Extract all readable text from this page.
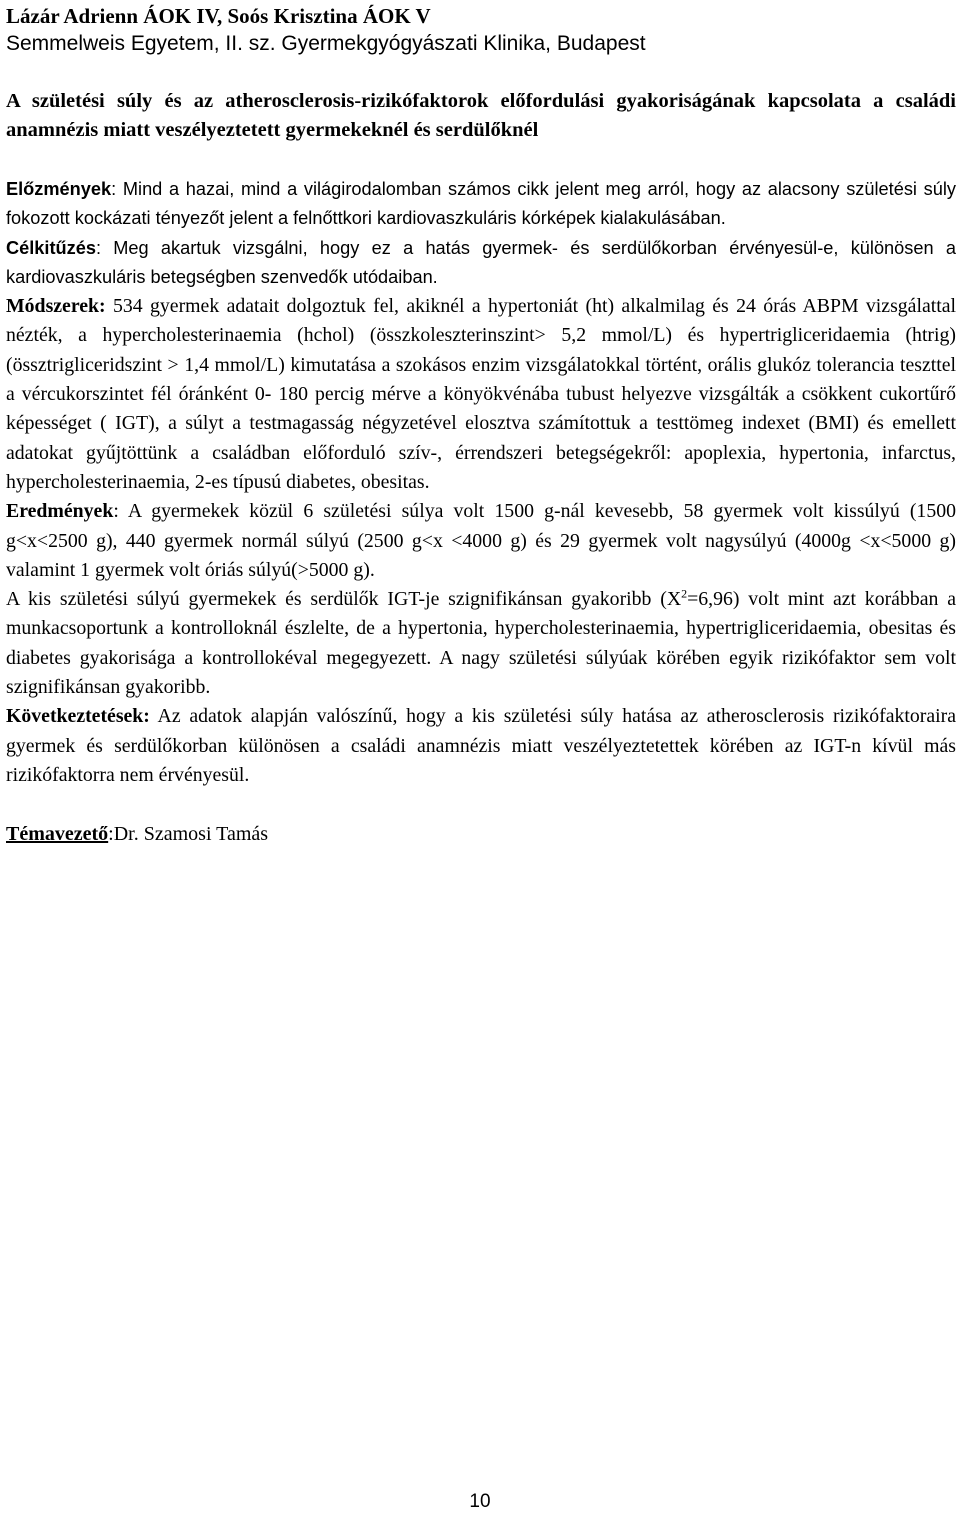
Lázár Adrienn ÁOK IV, Soós Krisztina ÁOK V

Semmelweis Egyetem, II. sz. Gyermekgyógyászati Klinika, Budapest

A születési súly és az atherosclerosis-rizikófaktorok előfordulási gyakoriságának kapcsolata a családi anamnézis miatt veszélyeztetett gyermekeknél és serdülőknél

Előzmények: Mind a hazai, mind a világirodalomban számos cikk jelent meg arról, hogy az alacsony születési súly fokozott kockázati tényezőt jelent a felnőttkori kardiovaszkuláris kórképek kialakulásában.

Célkitűzés: Meg akartuk vizsgálni, hogy ez a hatás gyermek- és serdülőkorban érvényesül-e, különösen a kardiovaszkuláris betegségben szenvedők utódaiban.

Módszerek: 534 gyermek adatait dolgoztuk fel, akiknél a hypertoniát (ht) alkalmilag és 24 órás ABPM vizsgálattal nézték, a hypercholesterinaemia (hchol) (összkoleszterinszint> 5,2 mmol/L) és hypertrigliceridaemia (htrig) (össztrigliceridszint > 1,4 mmol/L) kimutatása a szokásos enzim vizsgálatokkal történt, orális glukóz tolerancia teszttel a vércukorszintet fél óránként 0- 180 percig mérve a könyökvénába tubust helyezve vizsgálták a csökkent cukortűrő képességet ( IGT), a súlyt a testmagasság négyzetével elosztva számítottuk a testtömeg indexet (BMI) és emellett adatokat gyűjtöttünk a családban előforduló szív-, érrendszeri betegségekről: apoplexia, hypertonia, infarctus, hypercholesterinaemia, 2-es típusú diabetes, obesitas.

Eredmények: A gyermekek közül 6 születési súlya volt 1500 g-nál kevesebb, 58 gyermek volt kissúlyú (1500 g<x<2500 g), 440 gyermek normál súlyú (2500 g<x <4000 g) és 29 gyermek volt nagysúlyú (4000g <x<5000 g) valamint 1 gyermek volt óriás súlyú(>5000 g).

A kis születési súlyú gyermekek és serdülők IGT-je szignifikánsan gyakoribb $(X^2=6,96)$ volt mint azt korábban a munkacsoportunk a kontrolloknál észlelte, de a hypertonia, hypercholesterinaemia, hypertrigliceridaemia, obesitas és diabetes gyakorisága a kontrollokéval megegyezett. A nagy születési súlyúak körében egyik rizikófaktor sem volt szignifikánsan gyakoribb.

Következtetések: Az adatok alapján valószínű, hogy a kis születési súly hatása az atherosclerosis rizikófaktoraira gyermek és serdülőkorban különösen a családi anamnézis miatt veszélyeztetettek körében az IGT-n kívül más rizikófaktorra nem érvényesül.

Témavezető:Dr. Szamosi Tamás

10
